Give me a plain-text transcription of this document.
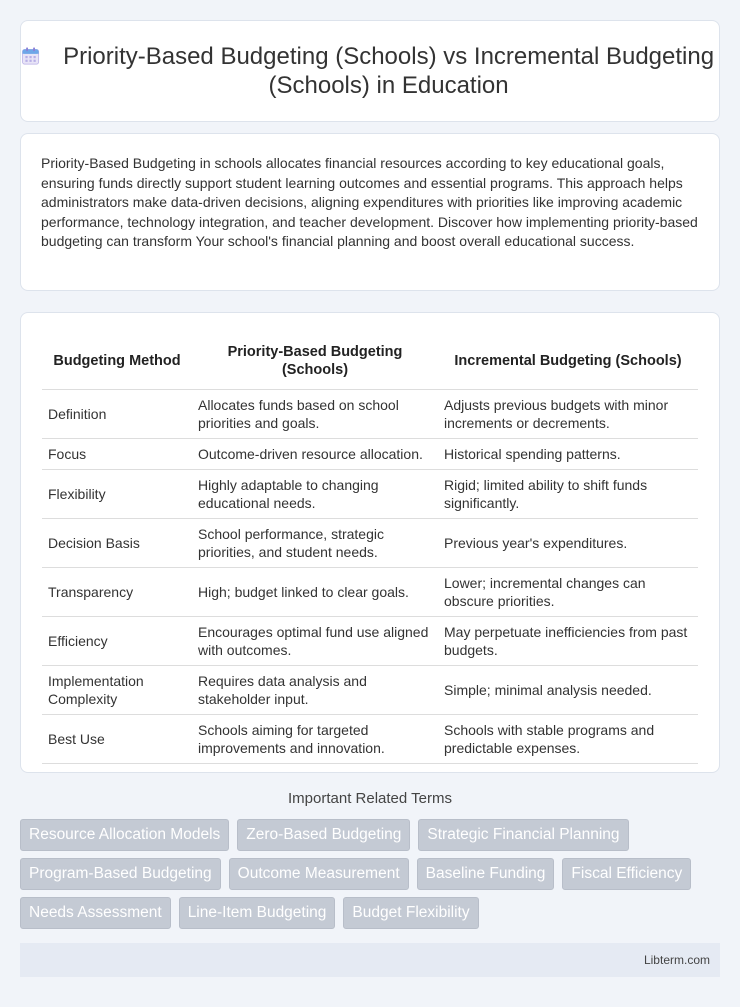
Priority-Based Budgeting (Schools) vs Incremental Budgeting (Schools) in Education

Priority-Based Budgeting in schools allocates financial resources according to key educational goals, ensuring funds directly support student learning outcomes and essential programs. This approach helps administrators make data-driven decisions, aligning expenditures with priorities like improving academic performance, technology integration, and teacher development. Discover how implementing priority-based budgeting can transform Your school's financial planning and boost overall educational success.

Budgeting Method	Priority-Based Budgeting (Schools)	Incremental Budgeting (Schools)
Definition	Allocates funds based on school priorities and goals.	Adjusts previous budgets with minor increments or decrements.
Focus	Outcome-driven resource allocation.	Historical spending patterns.
Flexibility	Highly adaptable to changing educational needs.	Rigid; limited ability to shift funds significantly.
Decision Basis	School performance, strategic priorities, and student needs.	Previous year's expenditures.
Transparency	High; budget linked to clear goals.	Lower; incremental changes can obscure priorities.
Efficiency	Encourages optimal fund use aligned with outcomes.	May perpetuate inefficiencies from past budgets.
Implementation Complexity	Requires data analysis and stakeholder input.	Simple; minimal analysis needed.
Best Use	Schools aiming for targeted improvements and innovation.	Schools with stable programs and predictable expenses.
Important Related Terms
Resource Allocation Models	Zero-Based Budgeting	Strategic Financial Planning
Program-Based Budgeting	Outcome Measurement	Baseline Funding	Fiscal Efficiency
Needs Assessment	Line-Item Budgeting	Budget Flexibility
Libterm.com
